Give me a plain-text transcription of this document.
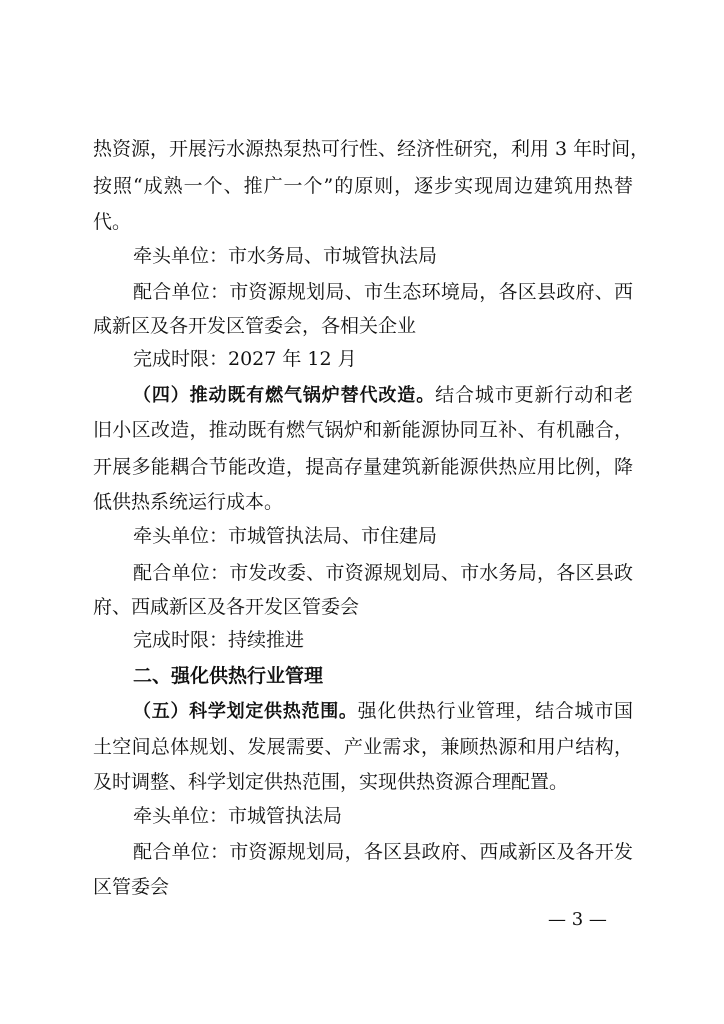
热资源，开展污水源热泵热可行性、经济性研究，利用 3 年时间，
按照“成熟一个、推广一个”的原则，逐步实现周边建筑用热替
代。
牵头单位：市水务局、市城管执法局
配合单位：市资源规划局、市生态环境局，各区县政府、西
咸新区及各开发区管委会，各相关企业
完成时限：2027 年 12 月
（四）推动既有燃气锅炉替代改造。结合城市更新行动和老
旧小区改造，推动既有燃气锅炉和新能源协同互补、有机融合，
开展多能耦合节能改造，提高存量建筑新能源供热应用比例，降
低供热系统运行成本。
牵头单位：市城管执法局、市住建局
配合单位：市发改委、市资源规划局、市水务局，各区县政
府、西咸新区及各开发区管委会
完成时限：持续推进
二、强化供热行业管理
（五）科学划定供热范围。强化供热行业管理，结合城市国
土空间总体规划、发展需要、产业需求，兼顾热源和用户结构，
及时调整、科学划定供热范围，实现供热资源合理配置。
牵头单位：市城管执法局
配合单位：市资源规划局，各区县政府、西咸新区及各开发
区管委会
— 3 —
